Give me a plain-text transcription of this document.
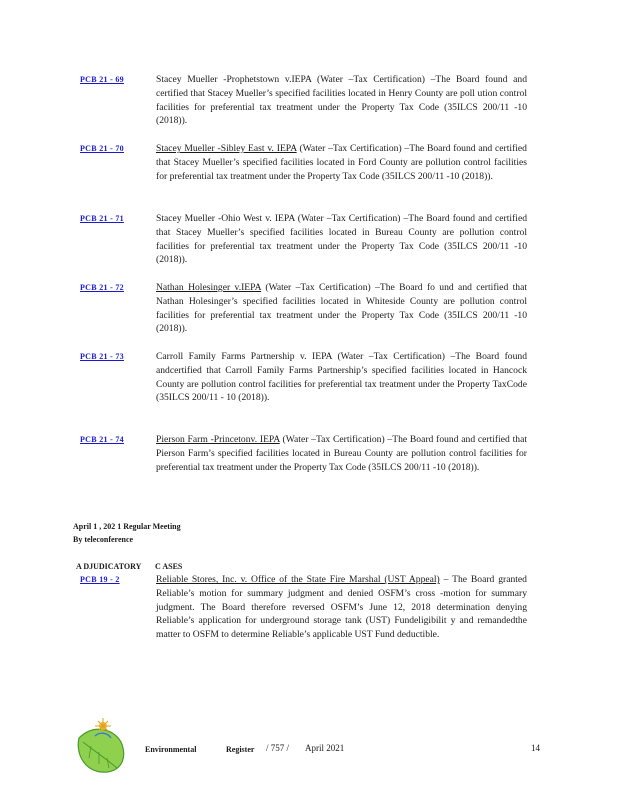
PCB 21 - 69	Stacey Mueller -Prophetstown v.IEPA (Water –Tax Certification) –The Board found and certified that Stacey Mueller’s specified facilities located in Henry County are poll ution control facilities for preferential tax treatment under the Property Tax Code (35ILCS 200/11 -10 (2018)).
PCB 21 - 70	Stacey Mueller -Sibley East v. IEPA (Water –Tax Certification) –The Board found and certified that Stacey Mueller’s specified facilities located in Ford County are pollution control facilities for preferential tax treatment under the Property Tax Code (35ILCS 200/11 -10 (2018)).
PCB 21 - 71	Stacey Mueller -Ohio West v. IEPA (Water –Tax Certification) –The Board found and certified that Stacey Mueller’s specified facilities located in Bureau County are pollution control facilities for preferential tax treatment under the Property Tax Code (35ILCS 200/11 -10 (2018)).
PCB 21 - 72	Nathan Holesinger v.IEPA (Water –Tax Certification) –The Board fo und and certified that Nathan Holesinger’s specified facilities located in Whiteside County are pollution control facilities for preferential tax treatment under the Property Tax Code (35ILCS 200/11 -10 (2018)).
PCB 21 - 73	Carroll Family Farms Partnership v. IEPA (Water –Tax Certification) –The Board found andcertified that Carroll Family Farms Partnership’s specified facilities located in Hancock County are pollution control facilities for preferential tax treatment under the Property TaxCode (35ILCS 200/11 - 10 (2018)).
PCB 21 - 74	Pierson Farm -Princetonv. IEPA (Water –Tax Certification) –The Board found and certified that Pierson Farm’s specified facilities located in Bureau County are pollution control facilities for preferential tax treatment under the Property Tax Code (35ILCS 200/11 -10 (2018)).
April 1 , 202 1 Regular Meeting
By teleconference
A DJUDICATORY C ASES
PCB 19 - 2	Reliable Stores, Inc. v. Office of the State Fire Marshal (UST Appeal) – The Board granted Reliable’s motion for summary judgment and denied OSFM’s cross -motion for summary judgment. The Board therefore reversed OSFM’s June 12, 2018 determination denying Reliable’s application for underground storage tank (UST) Fundeligibilit y and remandedthe matter to OSFM to determine Reliable’s applicable UST Fund deductible.
Environmental	Register / 757 / April 2021	14
